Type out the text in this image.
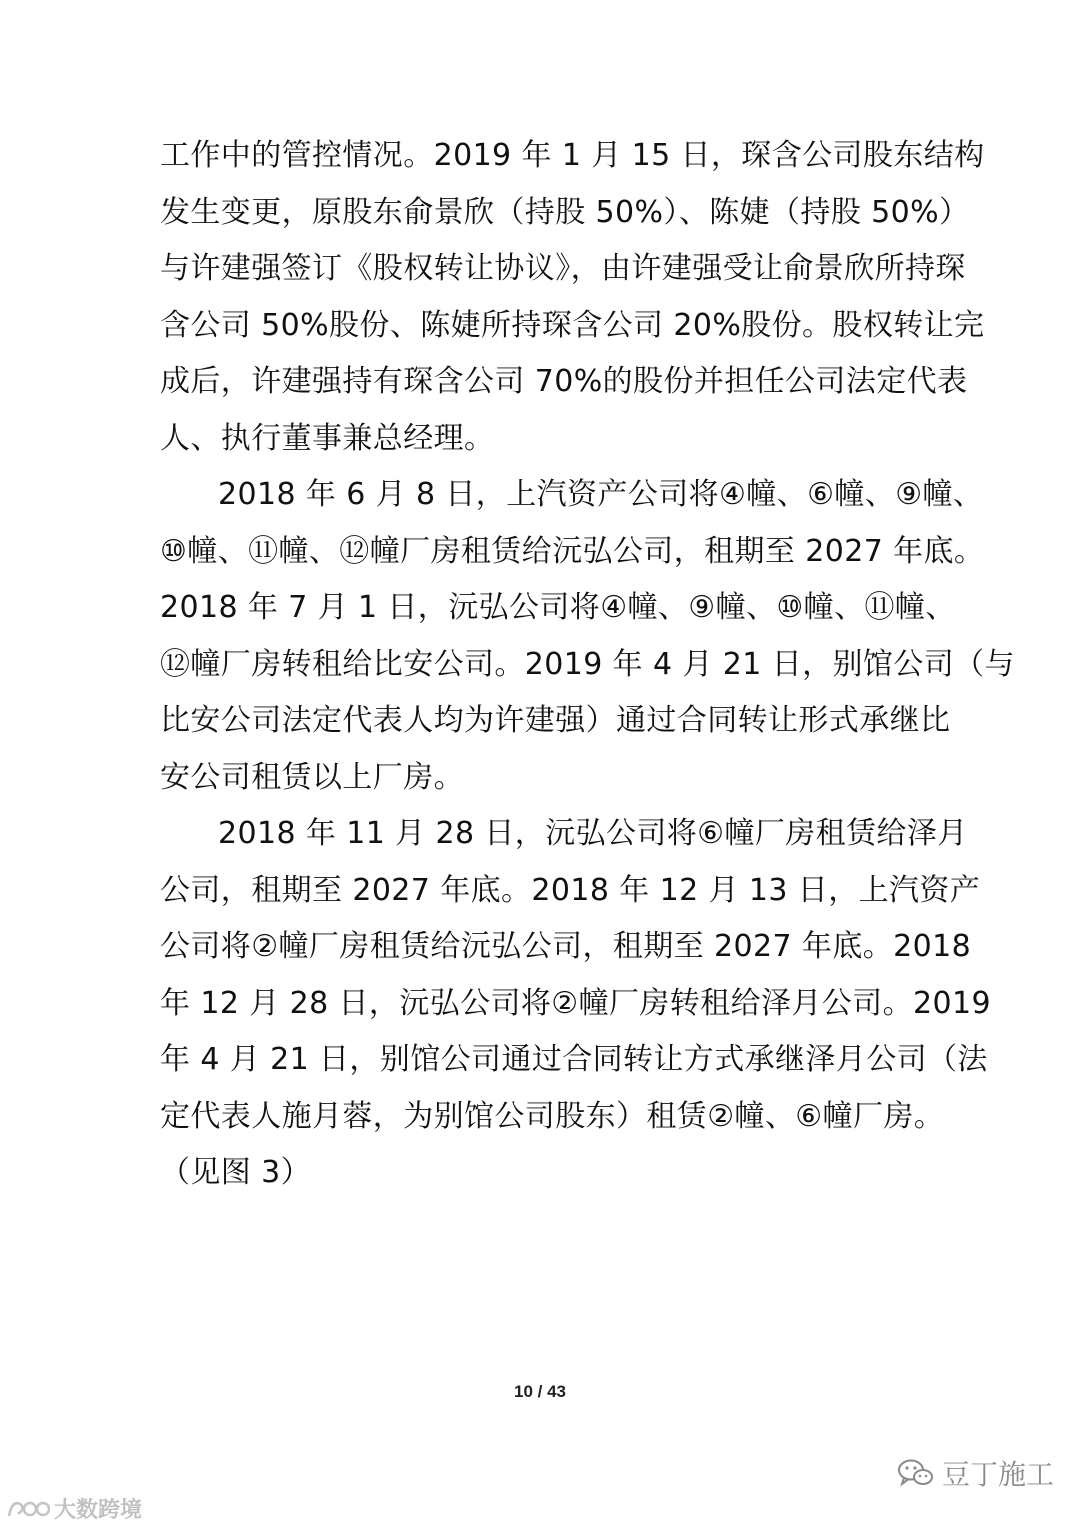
工作中的管控情况。2019 年 1 月 15 日，琛含公司股东结构
发生变更，原股东俞景欣（持股 50%）、陈婕（持股 50%）
与许建强签订《股权转让协议》，由许建强受让俞景欣所持琛
含公司 50%股份、陈婕所持琛含公司 20%股份。股权转让完
成后，许建强持有琛含公司 70%的股份并担任公司法定代表
人、执行董事兼总经理。
2018 年 6 月 8 日，上汽资产公司将④幢、⑥幢、⑨幢、
⑩幢、⑪幢、⑫幢厂房租赁给沅弘公司，租期至 2027 年底。
2018 年 7 月 1 日，沅弘公司将④幢、⑨幢、⑩幢、⑪幢、
⑫幢厂房转租给比安公司。2019 年 4 月 21 日，别馆公司（与
比安公司法定代表人均为许建强）通过合同转让形式承继比
安公司租赁以上厂房。
2018 年 11 月 28 日，沅弘公司将⑥幢厂房租赁给泽月
公司，租期至 2027 年底。2018 年 12 月 13 日，上汽资产
公司将②幢厂房租赁给沅弘公司，租期至 2027 年底。2018
年 12 月 28 日，沅弘公司将②幢厂房转租给泽月公司。2019
年 4 月 21 日，别馆公司通过合同转让方式承继泽月公司（法
定代表人施月蓉，为别馆公司股东）租赁②幢、⑥幢厂房。
（见图 3）
10 / 43
大数跨境
豆丁施工
